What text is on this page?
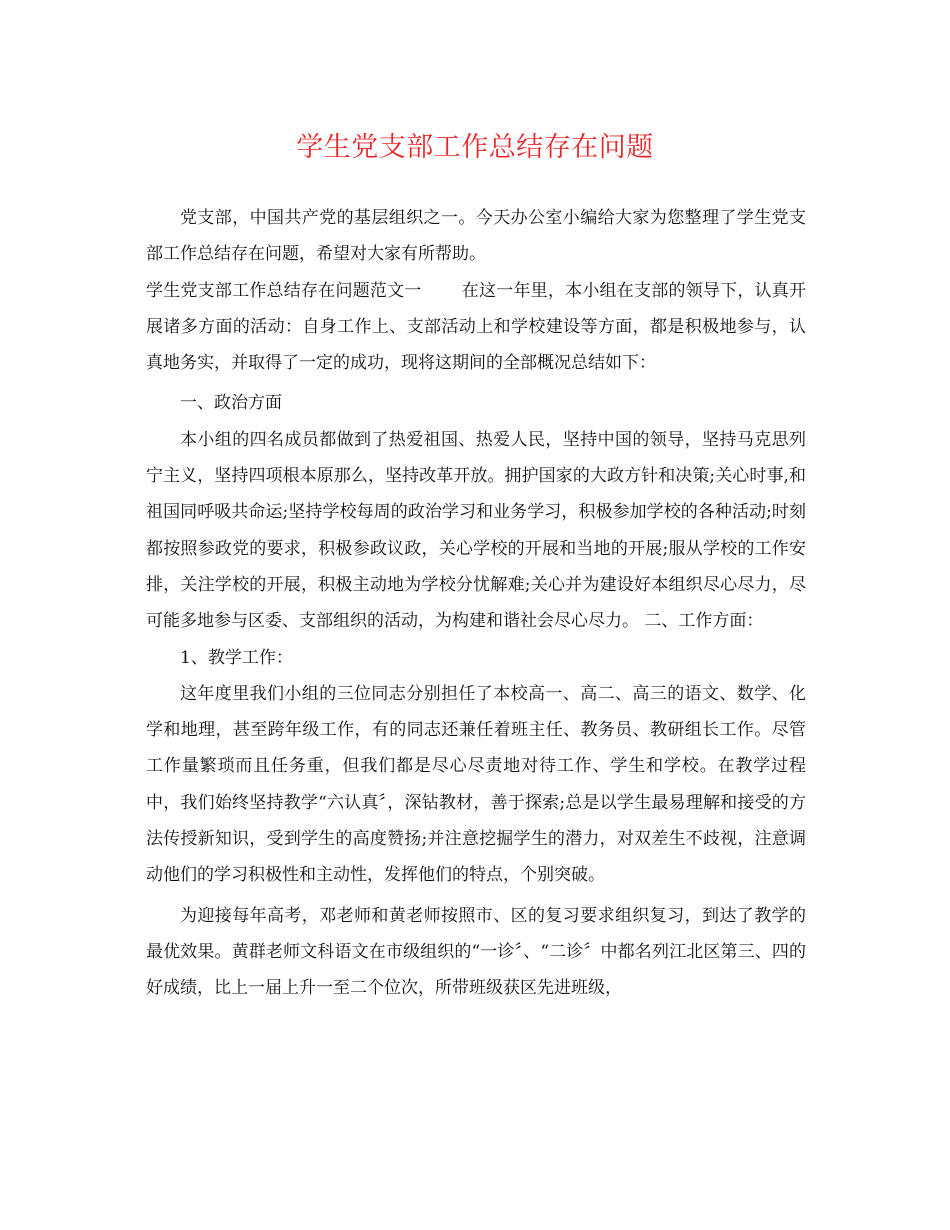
学生党支部工作总结存在问题

党支部，中国共产党的基层组织之一。今天办公室小编给大家为您整理了学生党支部工作总结存在问题，希望对大家有所帮助。

学生党支部工作总结存在问题范文一 在这一年里，本小组在支部的领导下，认真开展诸多方面的活动：自身工作上、支部活动上和学校建设等方面，都是积极地参与，认真地务实，并取得了一定的成功，现将这期间的全部概况总结如下：

一、政治方面

本小组的四名成员都做到了热爱祖国、热爱人民，坚持中国的领导，坚持马克思列宁主义，坚持四项根本原那么，坚持改革开放。拥护国家的大政方针和决策;关心时事,和祖国同呼吸共命运;坚持学校每周的政治学习和业务学习，积极参加学校的各种活动;时刻都按照参政党的要求，积极参政议政，关心学校的开展和当地的开展;服从学校的工作安排，关注学校的开展，积极主动地为学校分忧解难;关心并为建设好本组织尽心尽力，尽可能多地参与区委、支部组织的活动，为构建和谐社会尽心尽力。 二、工作方面：

1、教学工作：

这年度里我们小组的三位同志分别担任了本校高一、高二、高三的语文、数学、化学和地理，甚至跨年级工作，有的同志还兼任着班主任、教务员、教研组长工作。尽管工作量繁琐而且任务重，但我们都是尽心尽责地对待工作、学生和学校。在教学过程中，我们始终坚持教学“六认真〞，深钻教材，善于探索;总是以学生最易理解和接受的方法传授新知识，受到学生的高度赞扬;并注意挖掘学生的潜力，对双差生不歧视，注意调动他们的学习积极性和主动性，发挥他们的特点，个别突破。

为迎接每年高考，邓老师和黄老师按照市、区的复习要求组织复习，到达了教学的最优效果。黄群老师文科语文在市级组织的“一诊〞、“二诊〞中都名列江北区第三、四的好成绩，比上一届上升一至二个位次，所带班级获区先进班级，
